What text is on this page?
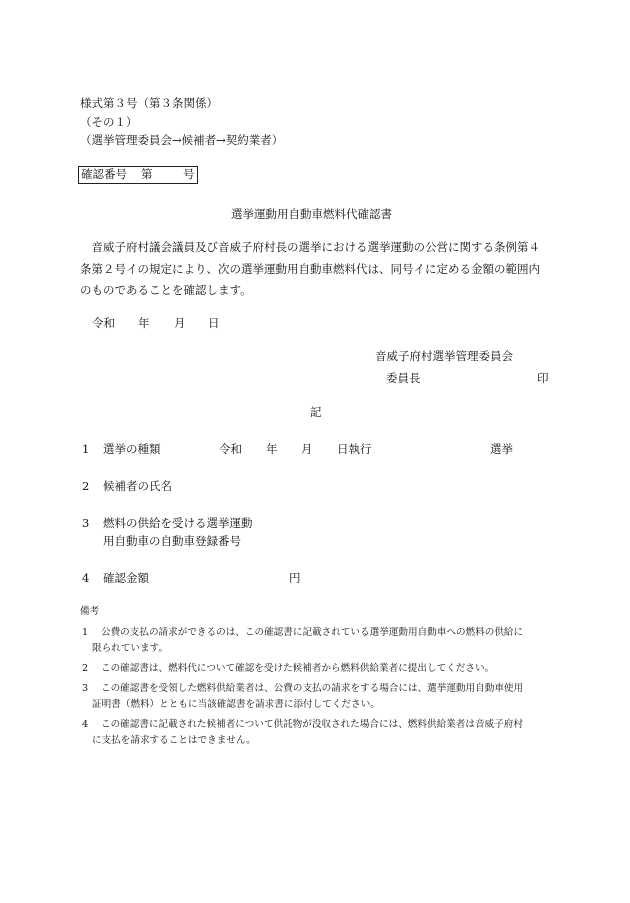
様式第３号（第３条関係）
（その１）
（選挙管理委員会→候補者→契約業者）
確認番号 第	号
選挙運動用自動車燃料代確認書
　音威子府村議会議員及び音威子府村長の選挙における選挙運動の公営に関する条例第４
条第２号イの規定により、次の選挙運動用自動車燃料代は、同号イに定める金額の範囲内
のものであることを確認します。
令和 年 月 日
音威子府村選挙管理委員会
委員長	印
記
1 選挙の種類	令和 年 月 日執行	選挙
2 候補者の氏名
3 燃料の供給を受ける選挙運動
用自動車の自動車登録番号
4 確認金額	円
備考
1 公費の支払の請求ができるのは、この確認書に記載されている選挙運動用自動車への燃料の供給に
限られています。
2 この確認書は、燃料代について確認を受けた候補者から燃料供給業者に提出してください。
3 この確認書を受領した燃料供給業者は、公費の支払の請求をする場合には、選挙運動用自動車使用
証明書（燃料）とともに当該確認書を請求書に添付してください。
4 この確認書に記載された候補者について供託物が没収された場合には、燃料供給業者は音威子府村
に支払を請求することはできません。
